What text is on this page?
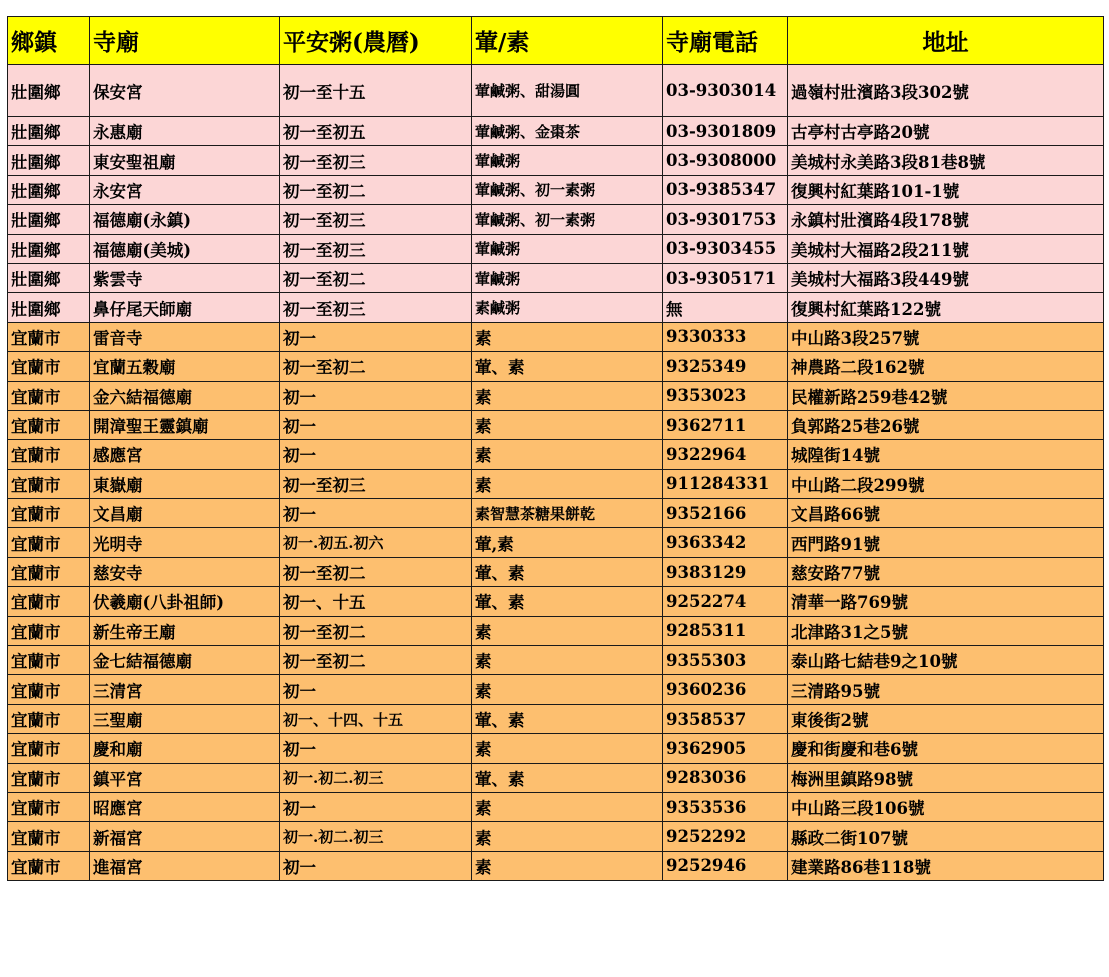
鄉鎮	寺廟	平安粥(農曆)	葷/素	寺廟電話	地址
壯圍鄉	保安宮	初一至十五	葷鹹粥、甜湯圓	03-9303014	過嶺村壯濱路3段302號
壯圍鄉	永惠廟	初一至初五	葷鹹粥、金棗茶	03-9301809	古亭村古亭路20號
壯圍鄉	東安聖祖廟	初一至初三	葷鹹粥	03-9308000	美城村永美路3段81巷8號
壯圍鄉	永安宮	初一至初二	葷鹹粥、初一素粥	03-9385347	復興村紅葉路101-1號
壯圍鄉	福德廟(永鎮)	初一至初三	葷鹹粥、初一素粥	03-9301753	永鎮村壯濱路4段178號
壯圍鄉	福德廟(美城)	初一至初三	葷鹹粥	03-9303455	美城村大福路2段211號
壯圍鄉	紫雲寺	初一至初二	葷鹹粥	03-9305171	美城村大福路3段449號
壯圍鄉	鼻仔尾天師廟	初一至初三	素鹹粥	無	復興村紅葉路122號
宜蘭市	雷音寺	初一	素	9330333	中山路3段257號
宜蘭市	宜蘭五穀廟	初一至初二	葷、素	9325349	神農路二段162號
宜蘭市	金六結福德廟	初一	素	9353023	民權新路259巷42號
宜蘭市	開漳聖王靈鎮廟	初一	素	9362711	負郭路25巷26號
宜蘭市	感應宮	初一	素	9322964	城隍街14號
宜蘭市	東嶽廟	初一至初三	素	911284331	中山路二段299號
宜蘭市	文昌廟	初一	素智慧茶糖果餅乾	9352166	文昌路66號
宜蘭市	光明寺	初一.初五.初六	葷,素	9363342	西門路91號
宜蘭市	慈安寺	初一至初二	葷、素	9383129	慈安路77號
宜蘭市	伏羲廟(八卦祖師)	初一、十五	葷、素	9252274	清華一路769號
宜蘭市	新生帝王廟	初一至初二	素	9285311	北津路31之5號
宜蘭市	金七結福德廟	初一至初二	素	9355303	泰山路七結巷9之10號
宜蘭市	三清宮	初一	素	9360236	三清路95號
宜蘭市	三聖廟	初一、十四、十五	葷、素	9358537	東後街2號
宜蘭市	慶和廟	初一	素	9362905	慶和街慶和巷6號
宜蘭市	鎮平宮	初一.初二.初三	葷、素	9283036	梅洲里鎮路98號
宜蘭市	昭應宮	初一	素	9353536	中山路三段106號
宜蘭市	新福宮	初一.初二.初三	素	9252292	縣政二街107號
宜蘭市	進福宮	初一	素	9252946	建業路86巷118號
